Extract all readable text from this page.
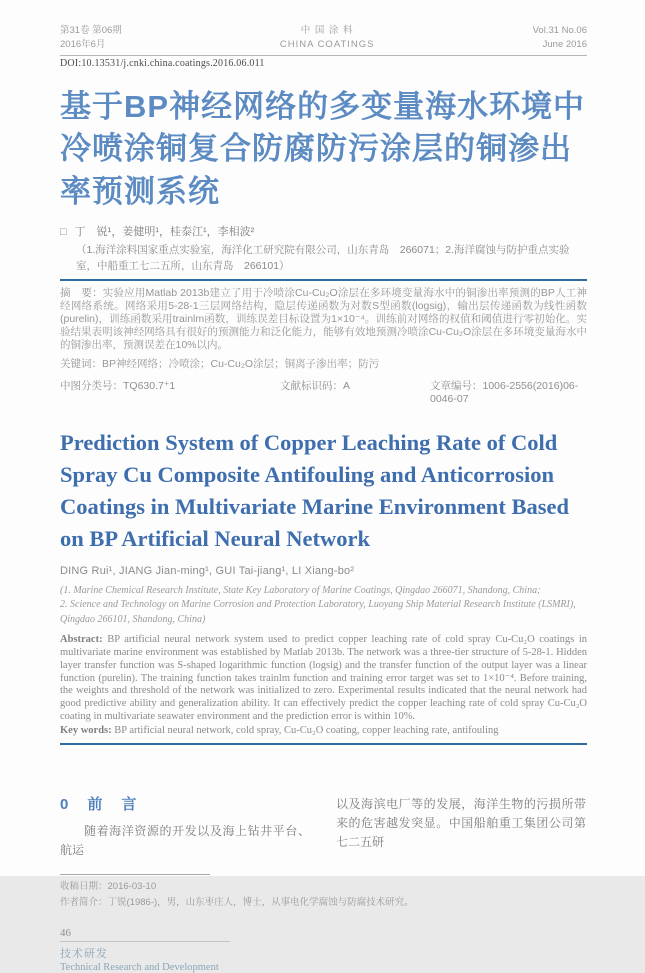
第31卷 第06期
2016年6月
中 国 涂 料
CHINA COATINGS
Vol.31 No.06
June 2016
DOI:10.13531/j.cnki.china.coatings.2016.06.011
基于BP神经网络的多变量海水环境中冷喷涂铜复合防腐防污涂层的铜渗出率预测系统
□ 丁　锐¹，姜健明¹，桂泰江¹，李相波²

（1.海洋涂料国家重点实验室，海洋化工研究院有限公司，山东青岛　266071；2.海洋腐蚀与防护重点实验室，中船重工七二五所，山东青岛　266101）

摘　要：实验应用Matlab 2013b建立了用于冷喷涂Cu-Cu₂O涂层在多环境变量海水中的铜渗出率预测的BP人工神经网络系统。网络采用5-28-1三层网络结构，隐层传递函数为对数S型函数(logsig)，输出层传递函数为线性函数(purelin)，训练函数采用trainlm函数，训练误差目标设置为1×10⁻⁴。训练前对网络的权值和阈值进行零初始化。实验结果表明该神经网络具有很好的预测能力和泛化能力，能够有效地预测冷喷涂Cu-Cu₂O涂层在多环境变量海水中的铜渗出率，预测误差在10%以内。

关键词：BP神经网络；冷喷涂；Cu-Cu₂O涂层；铜离子渗出率；防污

中图分类号：TQ630.7⁺1	文献标识码：A	文章编号：1006-2556(2016)06-0046-07
Prediction System of Copper Leaching Rate of Cold Spray Cu Composite Antifouling and Anticorrosion Coatings in Multivariate Marine Environment Based on BP Artificial Neural Network
DING Rui¹, JIANG Jian-ming¹, GUI Tai-jiang¹, LI Xiang-bo²

(1. Marine Chemical Research Institute, State Key Laboratory of Marine Coatings, Qingdao 266071, Shandong, China;

2. Science and Technology on Marine Corrosion and Protection Laboratory, Luoyang Ship Material Research Institute (LSMRI), Qingdao 266101, Shandong, China)

Abstract: BP artificial neural network system used to predict copper leaching rate of cold spray Cu-Cu₂O coatings in multivariate marine environment was established by Matlab 2013b. The network was a three-tier structure of 5-28-1. Hidden layer transfer function was S-shaped logarithmic function (logsig) and the transfer function of the output layer was a linear function (purelin). The training function takes trainlm function and training error target was set to 1×10⁻⁴. Before training, the weights and threshold of the network was initialized to zero. Experimental results indicated that the neural network had good predictive ability and generalization ability. It can effectively predict the copper leaching rate of cold spray Cu-Cu₂O coating in multivariate seawater environment and the prediction error is within 10%.

Key words: BP artificial neural network, cold spray, Cu-Cu₂O coating, copper leaching rate, antifouling

0　前　言

随着海洋资源的开发以及海上钻井平台、航运

以及海滨电厂等的发展，海洋生物的污损所带来的危害越发突显。中国船舶重工集团公司第七二五研

收稿日期：2016-03-10

作者简介：丁锐(1986-)，男，山东枣庄人，博士，从事电化学腐蚀与防腐技术研究。

46
技术研发
Technical Research and Development
